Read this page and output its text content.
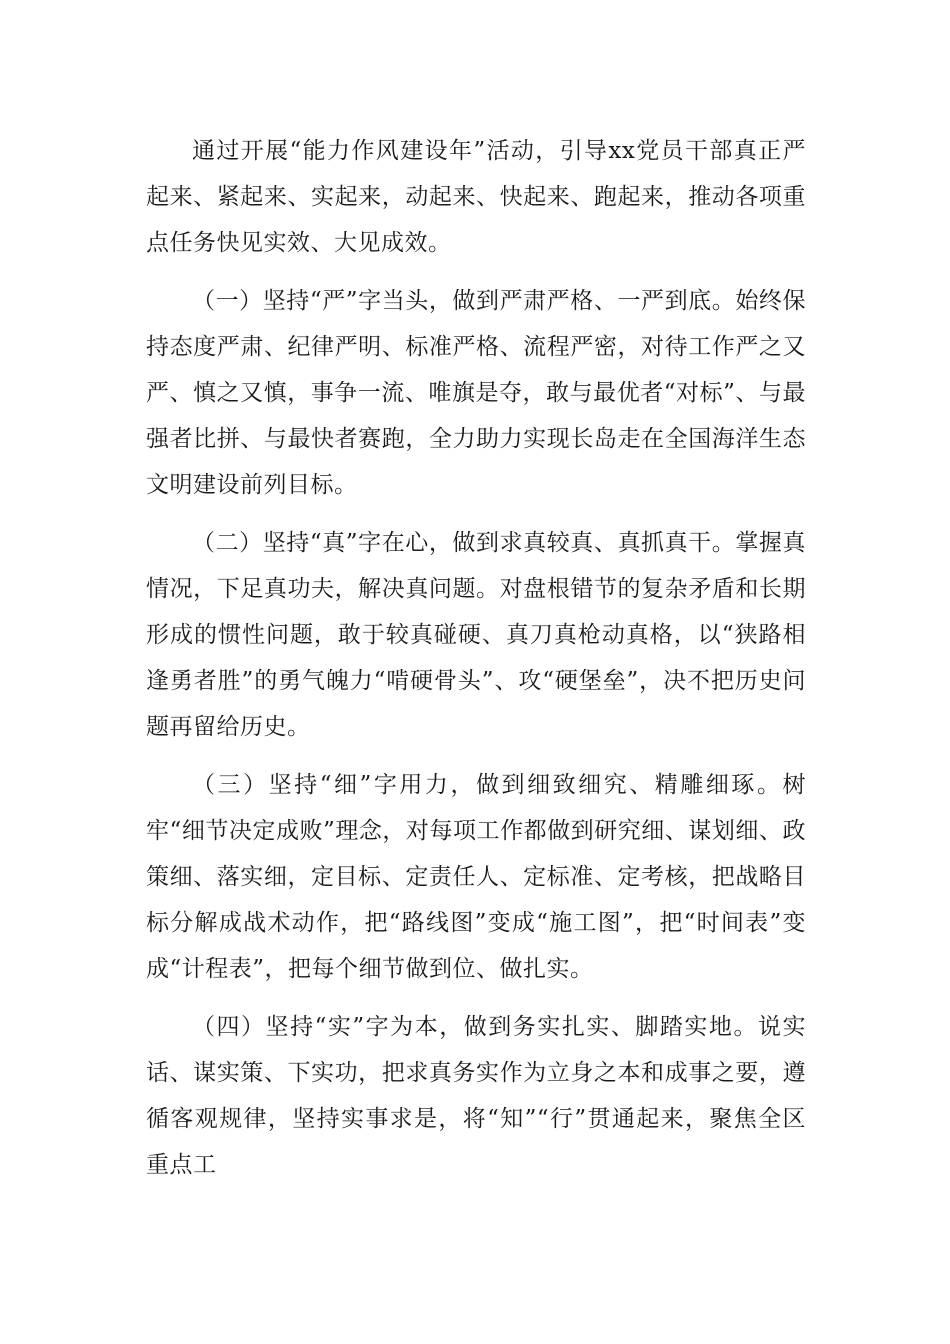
通过开展“能力作风建设年”活动，引导xx党员干部真正严起来、紧起来、实起来，动起来、快起来、跑起来，推动各项重点任务快见实效、大见成效。

（一）坚持“严”字当头，做到严肃严格、一严到底。始终保持态度严肃、纪律严明、标准严格、流程严密，对待工作严之又严、慎之又慎，事争一流、唯旗是夺，敢与最优者“对标”、与最强者比拼、与最快者赛跑，全力助力实现长岛走在全国海洋生态文明建设前列目标。

（二）坚持“真”字在心，做到求真较真、真抓真干。掌握真情况，下足真功夫，解决真问题。对盘根错节的复杂矛盾和长期形成的惯性问题，敢于较真碰硬、真刀真枪动真格，以“狭路相逢勇者胜”的勇气魄力“啃硬骨头”、攻“硬堡垒”，决不把历史问题再留给历史。

（三）坚持“细”字用力，做到细致细究、精雕细琢。树牢“细节决定成败”理念，对每项工作都做到研究细、谋划细、政策细、落实细，定目标、定责任人、定标准、定考核，把战略目标分解成战术动作，把“路线图”变成“施工图”，把“时间表”变成“计程表”，把每个细节做到位、做扎实。

（四）坚持“实”字为本，做到务实扎实、脚踏实地。说实话、谋实策、下实功，把求真务实作为立身之本和成事之要，遵循客观规律，坚持实事求是，将“知”“行”贯通起来，聚焦全区重点工
